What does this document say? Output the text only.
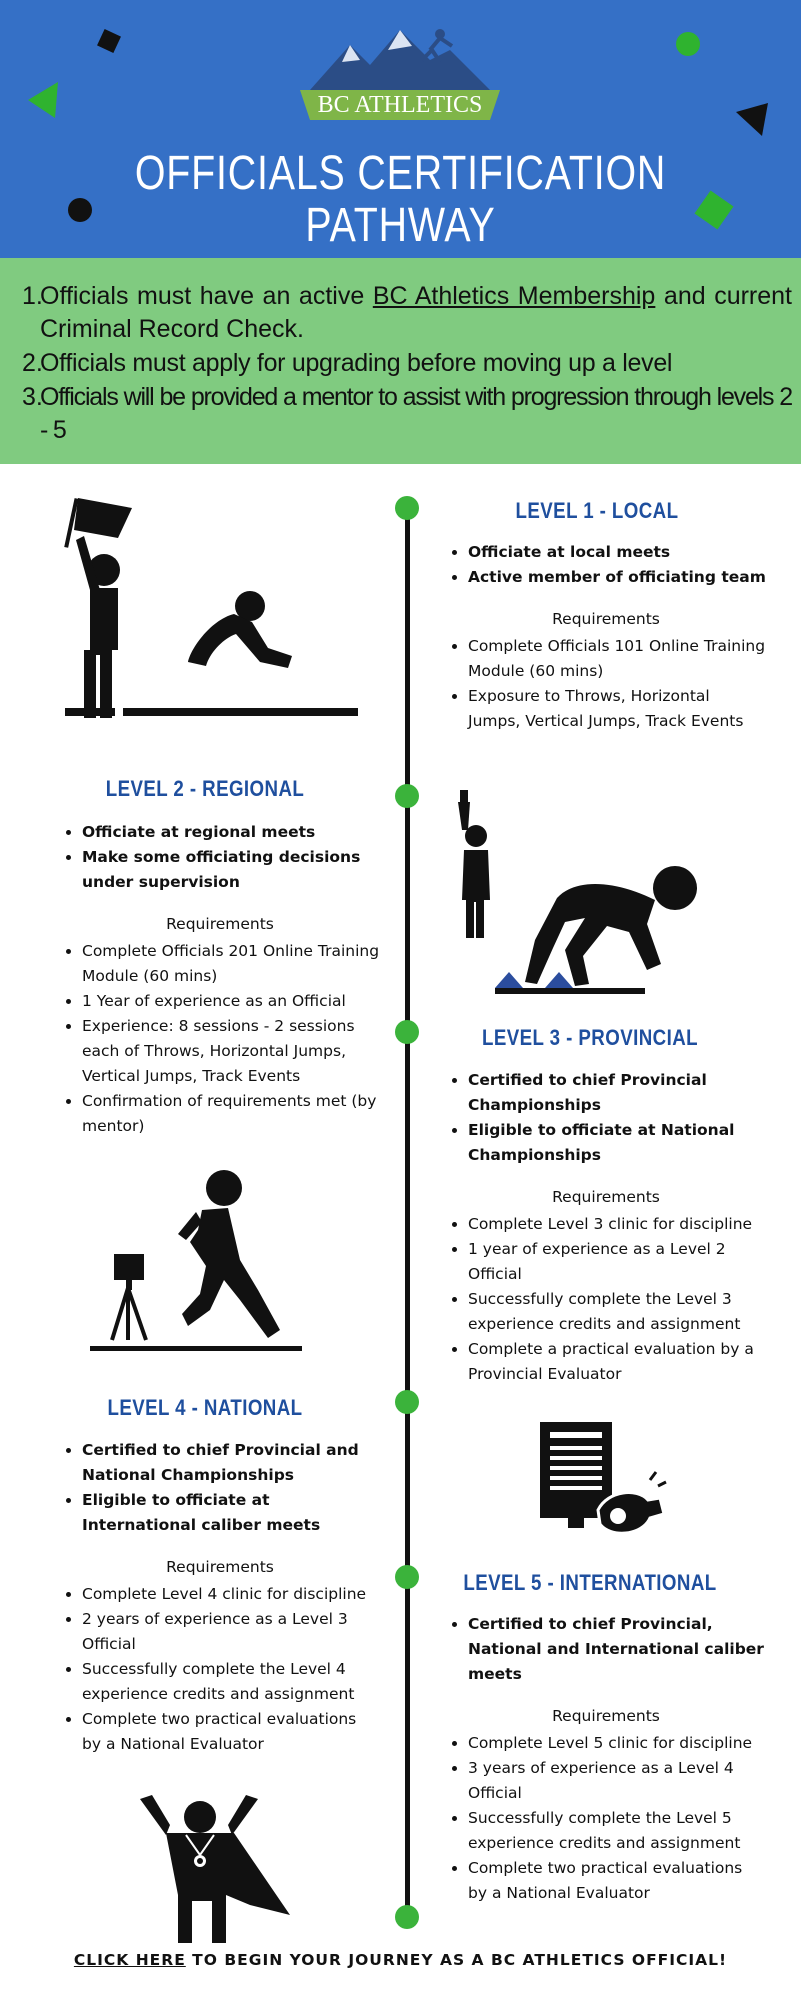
BC ATHLETICS
OFFICIALS CERTIFICATION
PATHWAY
1.
Officials must have an active BC Athletics Membership and current Criminal Record Check.
2.
Officials must apply for upgrading before moving up a level
3.
Officials will be provided a mentor to assist with progression through levels 2 - 5
LEVEL 1 - LOCAL
• Officiate at local meets
• Active member of officiating team
Requirements
• Complete Officials 101 Online Training Module (60 mins)
• Exposure to Throws, Horizontal Jumps, Vertical Jumps, Track Events
LEVEL 2 - REGIONAL
• Officiate at regional meets
• Make some officiating decisions under supervision
Requirements
• Complete Officials 201 Online Training Module (60 mins)
• 1 Year of experience as an Official
• Experience: 8 sessions - 2 sessions each of Throws, Horizontal Jumps, Vertical Jumps, Track Events
• Confirmation of requirements met (by mentor)
LEVEL 3 - PROVINCIAL
• Certified to chief Provincial Championships
• Eligible to officiate at National Championships
Requirements
• Complete Level 3 clinic for discipline
• 1 year of experience as a Level 2 Official
• Successfully complete the Level 3 experience credits and assignment
• Complete a practical evaluation by a Provincial Evaluator
LEVEL 4 - NATIONAL
• Certified to chief Provincial and National Championships
• Eligible to officiate at International caliber meets
Requirements
• Complete Level 4 clinic for discipline
• 2 years of experience as a Level 3 Official
• Successfully complete the Level 4 experience credits and assignment
• Complete two practical evaluations by a National Evaluator
LEVEL 5 - INTERNATIONAL
• Certified to chief Provincial, National and International caliber meets
Requirements
• Complete Level 5 clinic for discipline
• 3 years of experience as a Level 4 Official
• Successfully complete the Level 5 experience credits and assignment
• Complete two practical evaluations by a National Evaluator
CLICK HERE TO BEGIN YOUR JOURNEY AS A BC ATHLETICS OFFICIAL!
